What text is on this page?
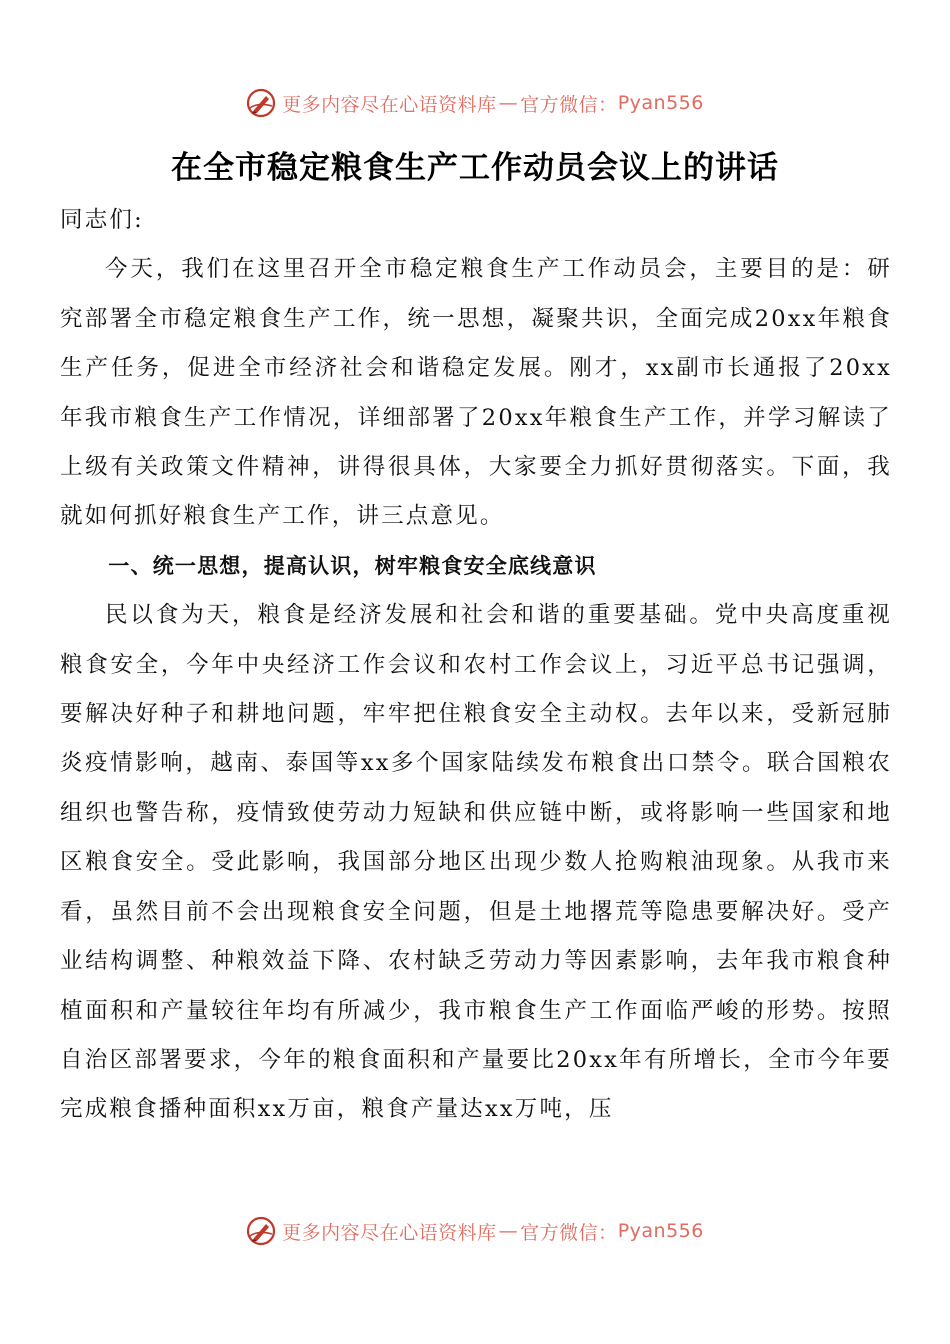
更多内容尽在心语资料库 — 官方微信： Pyan556
在全市稳定粮食生产工作动员会议上的讲话

同志们:

今天，我们在这里召开全市稳定粮食生产工作动员会，主要目的是：研究部署全市稳定粮食生产工作，统一思想，凝聚共识，全面完成20xx年粮食生产任务，促进全市经济社会和谐稳定发展。刚才，xx副市长通报了20xx年我市粮食生产工作情况，详细部署了20xx年粮食生产工作，并学习解读了上级有关政策文件精神，讲得很具体，大家要全力抓好贯彻落实。下面，我就如何抓好粮食生产工作，讲三点意见。

一、统一思想，提高认识，树牢粮食安全底线意识

民以食为天，粮食是经济发展和社会和谐的重要基础。党中央高度重视粮食安全，今年中央经济工作会议和农村工作会议上，习近平总书记强调，要解决好种子和耕地问题，牢牢把住粮食安全主动权。去年以来，受新冠肺炎疫情影响，越南、泰国等xx多个国家陆续发布粮食出口禁令。联合国粮农组织也警告称，疫情致使劳动力短缺和供应链中断，或将影响一些国家和地区粮食安全。受此影响，我国部分地区出现少数人抢购粮油现象。从我市来看，虽然目前不会出现粮食安全问题，但是土地撂荒等隐患要解决好。受产业结构调整、种粮效益下降、农村缺乏劳动力等因素影响，去年我市粮食种植面积和产量较往年均有所减少，我市粮食生产工作面临严峻的形势。按照自治区部署要求，今年的粮食面积和产量要比20xx年有所增长，全市今年要完成粮食播种面积xx万亩，粮食产量达xx万吨，压

更多内容尽在心语资料库 — 官方微信： Pyan556
